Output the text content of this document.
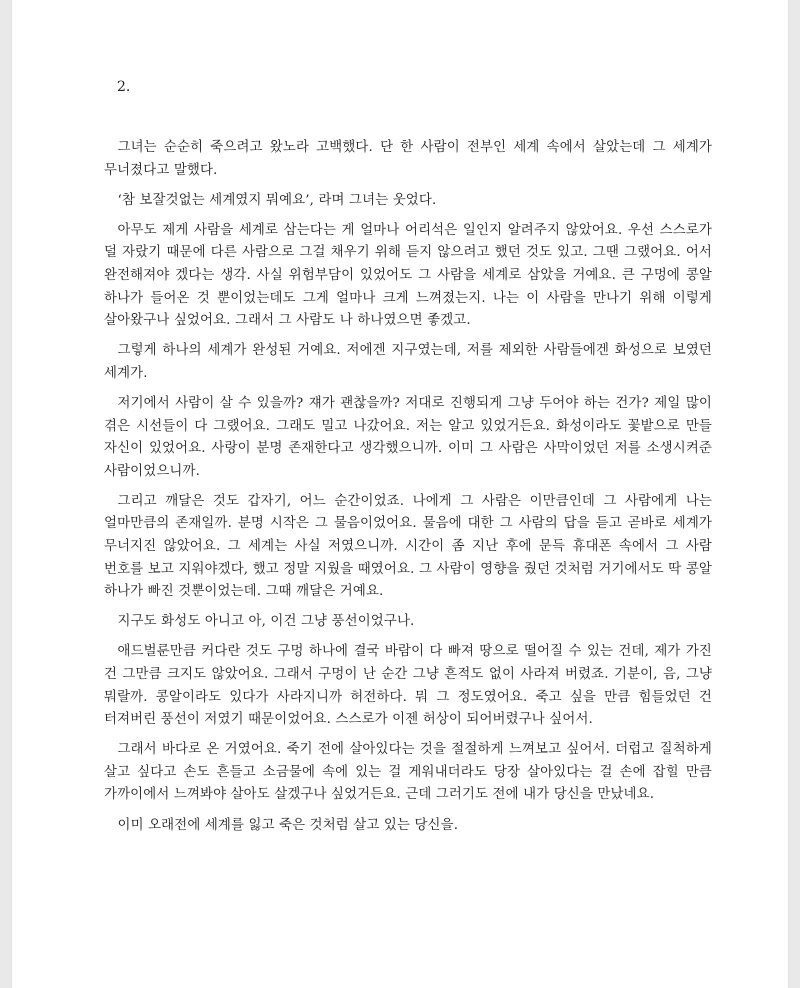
2.

그녀는 순순히 죽으려고 왔노라 고백했다. 단 한 사람이 전부인 세계 속에서 살았는데 그 세계가 무너졌다고 말했다.

‘참 보잘것없는 세계였지 뭐예요’, 라며 그녀는 웃었다.

아무도 제게 사람을 세계로 삼는다는 게 얼마나 어리석은 일인지 알려주지 않았어요. 우선 스스로가 덜 자랐기 때문에 다른 사람으로 그걸 채우기 위해 듣지 않으려고 했던 것도 있고. 그땐 그랬어요. 어서 완전해져야 겠다는 생각. 사실 위험부담이 있었어도 그 사람을 세계로 삼았을 거예요. 큰 구멍에 콩알 하나가 들어온 것 뿐이었는데도 그게 얼마나 크게 느껴졌는지. 나는 이 사람을 만나기 위해 이렇게 살아왔구나 싶었어요. 그래서 그 사람도 나 하나였으면 좋겠고.

그렇게 하나의 세계가 완성된 거예요. 저에겐 지구였는데, 저를 제외한 사람들에겐 화성으로 보였던 세계가.

저기에서 사람이 살 수 있을까? 쟤가 괜찮을까? 저대로 진행되게 그냥 두어야 하는 건가? 제일 많이 겪은 시선들이 다 그랬어요. 그래도 밀고 나갔어요. 저는 알고 있었거든요. 화성이라도 꽃밭으로 만들 자신이 있었어요. 사랑이 분명 존재한다고 생각했으니까. 이미 그 사람은 사막이었던 저를 소생시켜준 사람이었으니까.

그리고 깨달은 것도 갑자기, 어느 순간이었죠. 나에게 그 사람은 이만큼인데 그 사람에게 나는 얼마만큼의 존재일까. 분명 시작은 그 물음이었어요. 물음에 대한 그 사람의 답을 듣고 곧바로 세계가 무너지진 않았어요. 그 세계는 사실 저였으니까. 시간이 좀 지난 후에 문득 휴대폰 속에서 그 사람 번호를 보고 지워야겠다, 했고 정말 지웠을 때였어요. 그 사람이 영향을 줬던 것처럼 거기에서도 딱 콩알 하나가 빠진 것뿐이었는데. 그때 깨달은 거예요.

지구도 화성도 아니고 아, 이건 그냥 풍선이었구나.

애드벌룬만큼 커다란 것도 구멍 하나에 결국 바람이 다 빠져 땅으로 떨어질 수 있는 건데, 제가 가진 건 그만큼 크지도 않았어요. 그래서 구멍이 난 순간 그냥 흔적도 없이 사라져 버렸죠. 기분이, 음, 그냥 뭐랄까. 콩알이라도 있다가 사라지니까 허전하다. 뭐 그 정도였어요. 죽고 싶을 만큼 힘들었던 건 터져버린 풍선이 저였기 때문이었어요. 스스로가 이젠 허상이 되어버렸구나 싶어서.

그래서 바다로 온 거였어요. 죽기 전에 살아있다는 것을 절절하게 느껴보고 싶어서. 더럽고 질척하게 살고 싶다고 손도 흔들고 소금물에 속에 있는 걸 게워내더라도 당장 살아있다는 걸 손에 잡힐 만큼 가까이에서 느껴봐야 살아도 살겠구나 싶었거든요. 근데 그러기도 전에 내가 당신을 만났네요.

이미 오래전에 세계를 잃고 죽은 것처럼 살고 있는 당신을.
